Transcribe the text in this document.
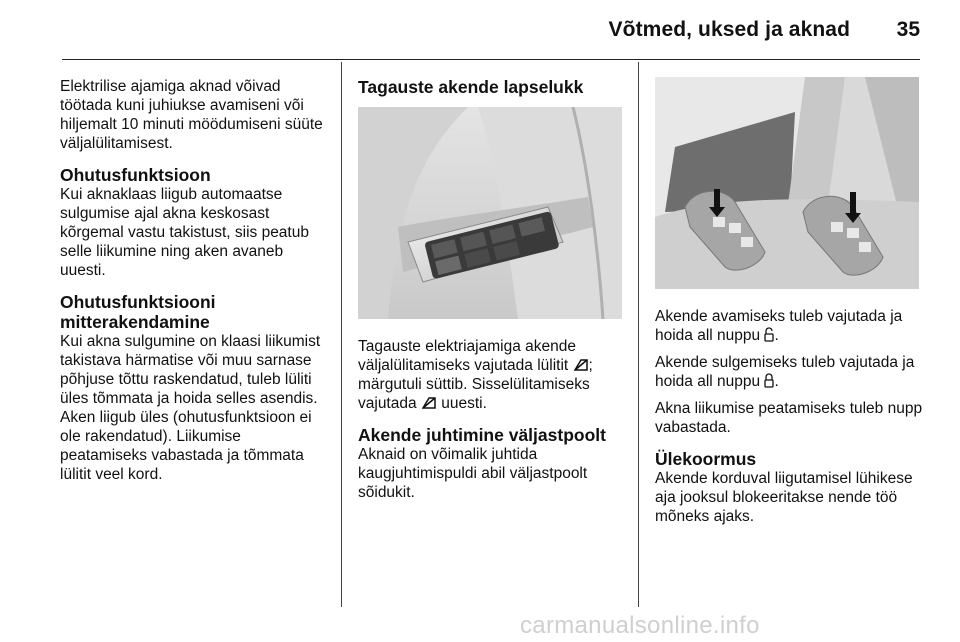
Võtmed, uksed ja aknad 35

Elektrilise ajamiga aknad võivad töötada kuni juhiukse avamiseni või hiljemalt 10 minuti möödumiseni süüte väljalülitamisest.

Ohutusfunktsioon

Kui aknaklaas liigub automaatse sulgumise ajal akna keskosast kõrgemal vastu takistust, siis peatub selle liikumine ning aken avaneb uuesti.

Ohutusfunktsiooni mitterakendamine

Kui akna sulgumine on klaasi liikumist takistava härmatise või muu sarnase põhjuse tõttu raskendatud, tuleb lüliti üles tõmmata ja hoida selles asendis. Aken liigub üles (ohutusfunktsioon ei ole rakendatud). Liikumise peatamiseks vabastada ja tõmmata lülitit veel kord.

Tagauste akende lapselukk

Tagauste elektriajamiga akende väljalülitamiseks vajutada lülitit ; märgutuli süttib. Sisselülitamiseks vajutada uuesti.

Akende juhtimine väljastpoolt

Aknaid on võimalik juhtida kaugjuhtimispuldi abil väljastpoolt sõidukit.

Akende avamiseks tuleb vajutada ja hoida all nuppu .

Akende sulgemiseks tuleb vajutada ja hoida all nuppu .

Akna liikumise peatamiseks tuleb nupp vabastada.

Ülekoormus

Akende korduval liigutamisel lühikese aja jooksul blokeeritakse nende töö mõneks ajaks.

carmanualsonline.info
